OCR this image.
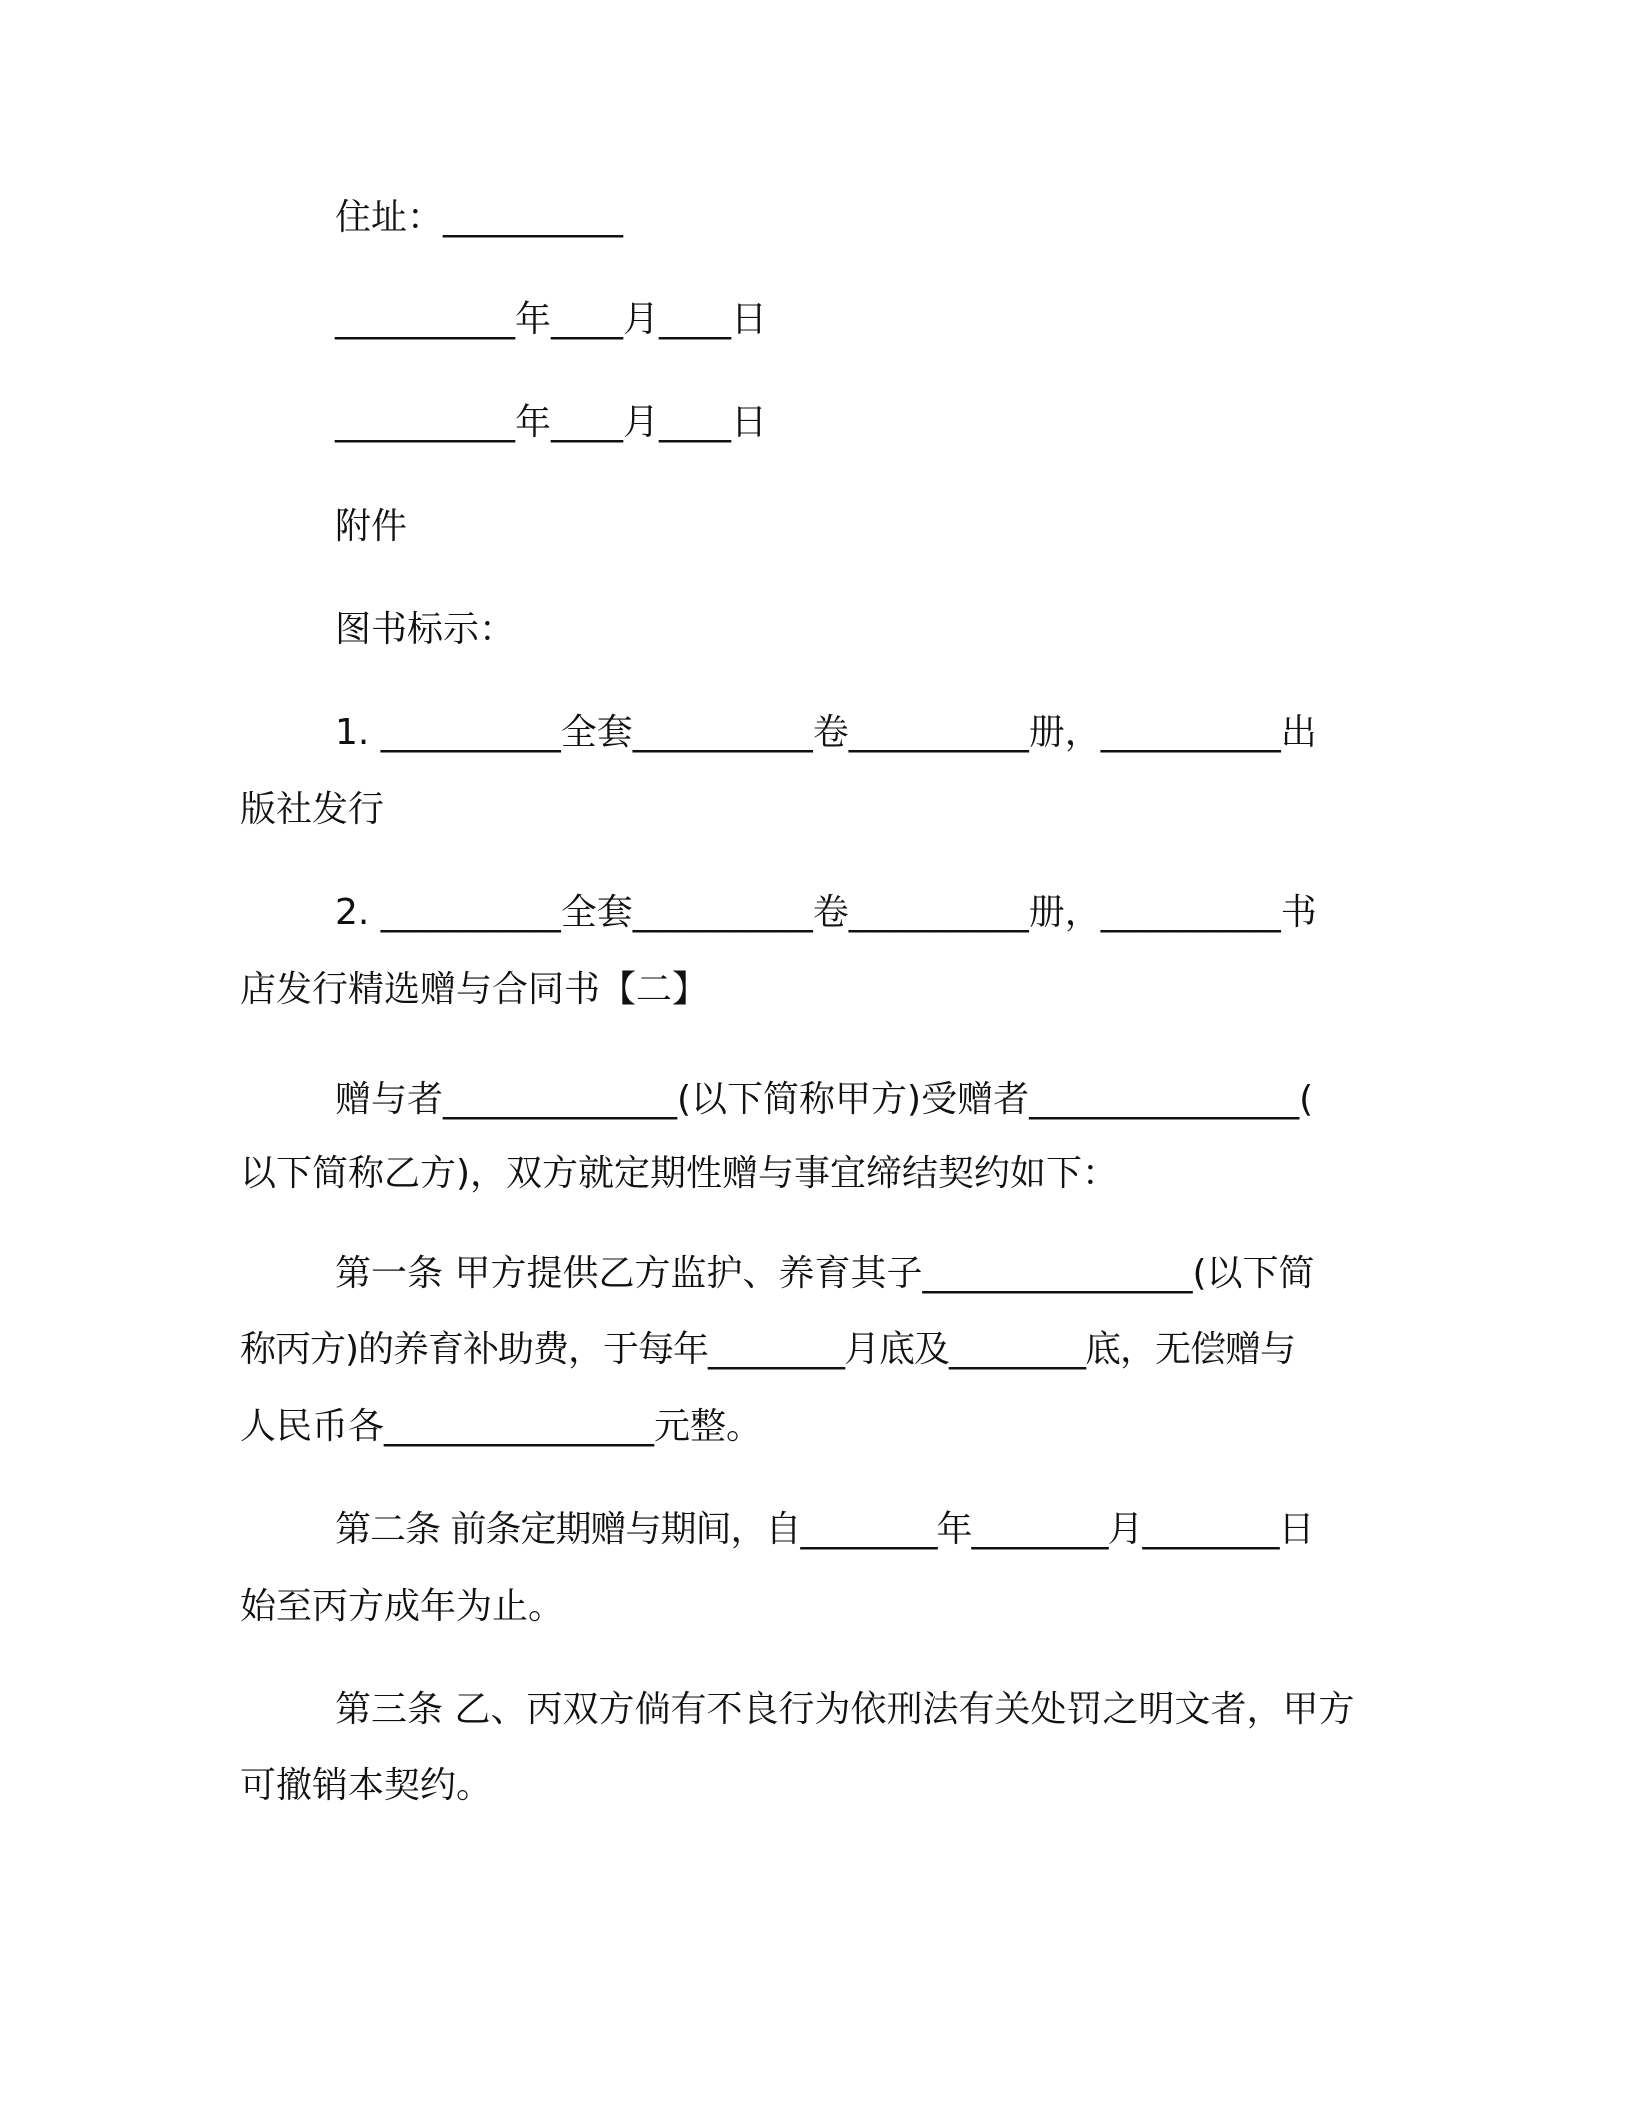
住址：__________
__________年____月____日
__________年____月____日
附件
图书标示：
1. __________全套__________卷__________册，__________出
版社发行
2. __________全套__________卷__________册，__________书
店发行精选赠与合同书【二】
赠与者_____________(以下简称甲方)受赠者_______________(
以下简称乙方)，双方就定期性赠与事宜缔结契约如下：
第一条 甲方提供乙方监护、养育其子_______________(以下简
称丙方)的养育补助费，于每年________月底及________底，无偿赠与
人民币各_______________元整。
第二条 前条定期赠与期间，自________年________月________日
始至丙方成年为止。
第三条 乙、丙双方倘有不良行为依刑法有关处罚之明文者，甲方
可撤销本契约。
